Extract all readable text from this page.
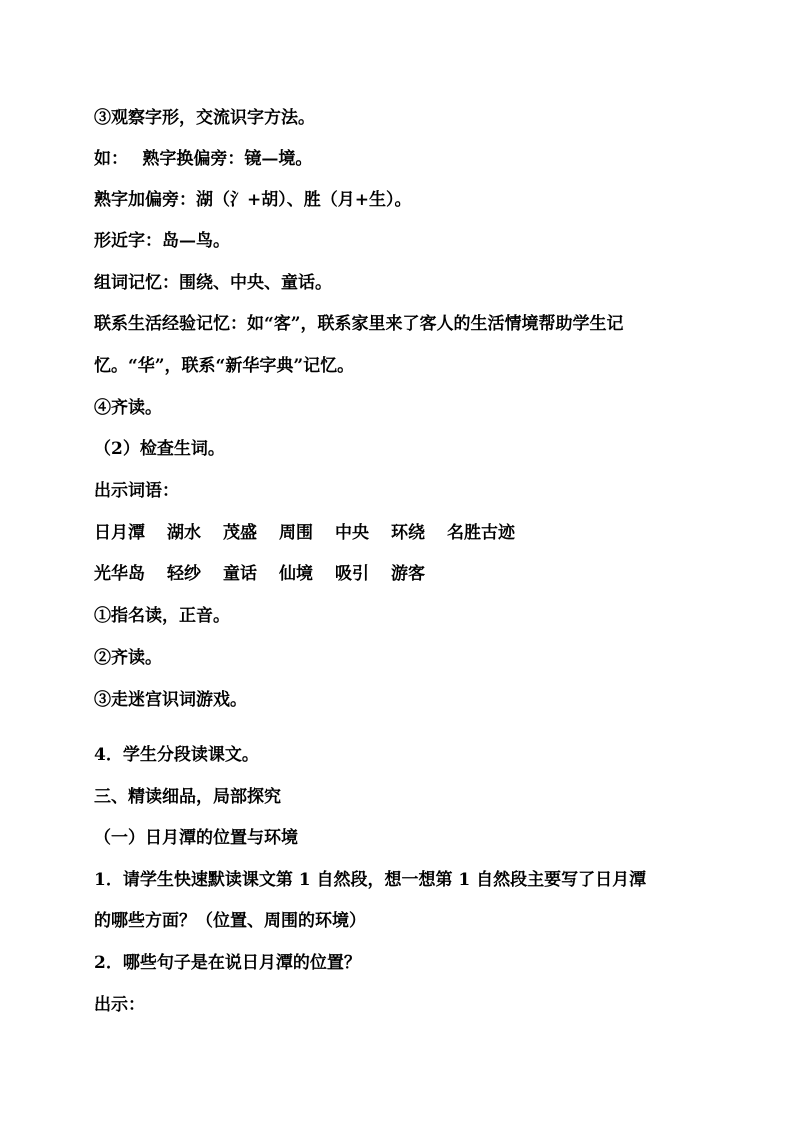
③观察字形，交流识字方法。
如：　 熟字换偏旁：镜—境。
熟字加偏旁：湖（氵+胡）、胜（月+生）。
形近字：岛—鸟。
组词记忆：围绕、中央、童话。
联系生活经验记忆：如“客”，联系家里来了客人的生活情境帮助学生记
忆。“华”，联系“新华字典”记忆。
④齐读。
（2）检查生词。
出示词语：
日月潭 湖水 茂盛 周围 中央 环绕 名胜古迹
光华岛 轻纱 童话 仙境 吸引 游客
①指名读，正音。
②齐读。
③走迷宫识词游戏。
4．学生分段读课文。
三、精读细品，局部探究
（一）日月潭的位置与环境
1．请学生快速默读课文第 1 自然段，想一想第 1 自然段主要写了日月潭
的哪些方面？（位置、周围的环境）
2．哪些句子是在说日月潭的位置？
出示：
